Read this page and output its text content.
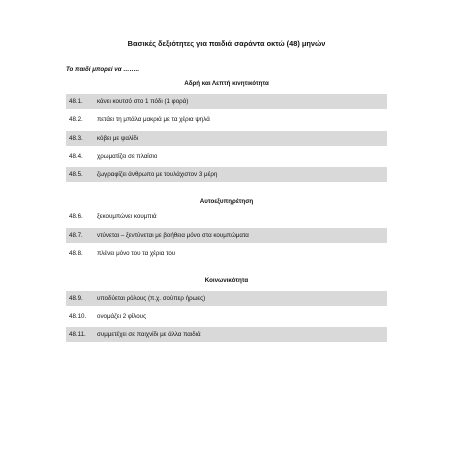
Βασικές δεξιότητες για παιδιά σαράντα οκτώ (48) μηνών
Το παιδί μπορεί να ……..
Αδρή και Λεπτή κινητικότητα
48.1. κάνει κουτσό στο 1 πόδι (1 φορά)
48.2. πετάει τη μπάλα μακριά με τα χέρια ψηλά
48.3. κόβει με ψαλίδι
48.4. χρωματίζει σε πλαίσιο
48.5. ζωγραφίζει άνθρωπο με τουλάχιστον 3 μέρη
Αυτοεξυπηρέτηση
48.6. ξεκουμπώνει κουμπιά
48.7. ντύνεται – ξεντύνεται με βοήθεια μόνο στα κουμπώματα
48.8. πλένει μόνο του τα χέρια του
Κοινωνικότητα
48.9. υποδύεται ρόλους (π.χ. σούπερ ήρωες)
48.10. ονομάζει 2 φίλους
48.11. συμμετέχει σε παιχνίδι με άλλα παιδιά
